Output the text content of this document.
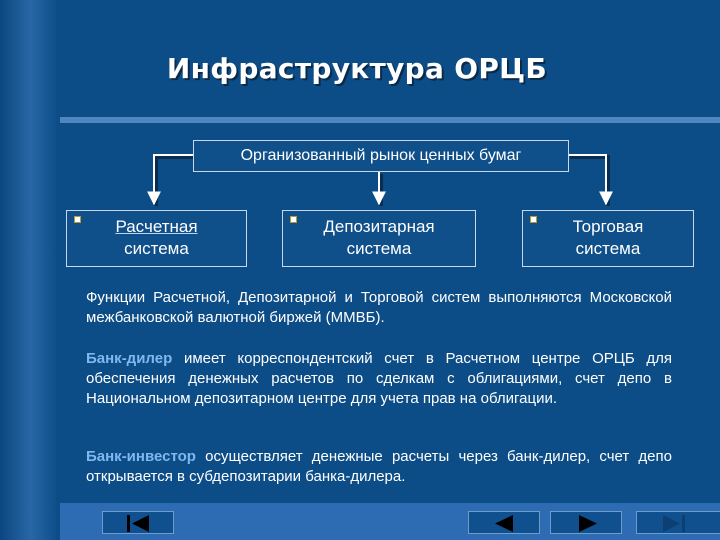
Инфраструктура ОРЦБ
Организованный рынок ценных бумаг
Расчетная
система
Депозитарная
система
Торговая
система
Функции Расчетной, Депозитарной и Торговой систем выполняются Московской межбанковской валютной биржей (ММВБ).
Банк-дилер имеет корреспондентский счет в Расчетном центре ОРЦБ для обеспечения денежных расчетов по сделкам с облигациями, счет депо в Национальном депозитарном центре для учета прав на облигации.
Банк-инвестор осуществляет денежные расчеты через банк-дилер, счет депо открывается в субдепозитарии банка-дилера.
